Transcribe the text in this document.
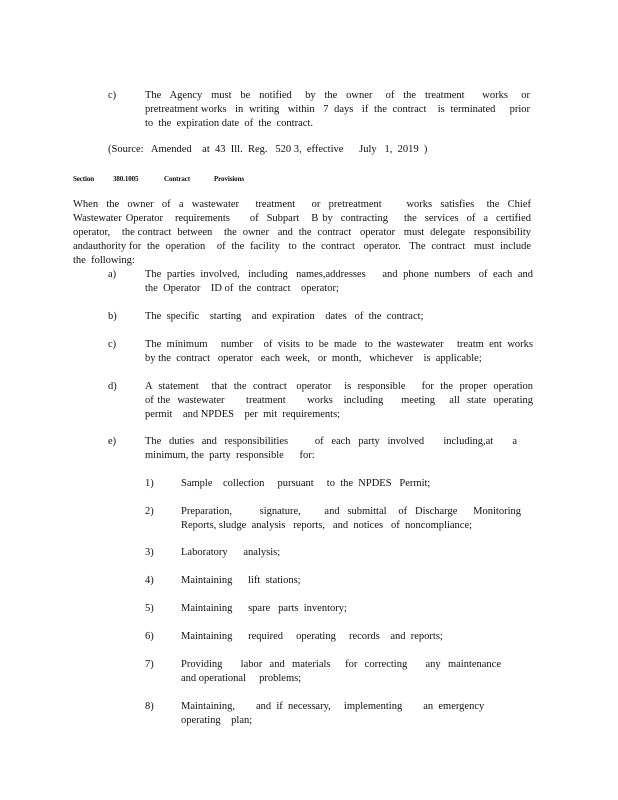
c)	The  Agency  must  be  notified   by  the  owner   of  the  treatment    works   or  pretreatment works   in  writing   within   7  days   if  the  contract    is  terminated     prior   to  the  expiration date  of  the  contract.
(Source:   Amended    at  43  Ill.  Reg.   520 3,  effective      July   1,  2019  )
Section	380.1005	Contract	Provisions
When  the  owner  of  a  wastewater    treatment    or  pretreatment      works  satisfies   the  Chief  Wastewater Operator   requirements     of  Subpart   B by  contracting    the  services  of  a  certified   operator,    the contract  between    the  owner   and  the  contract   operator   must  delegate   responsibility     andauthority for  the  operation    of  the  facility   to  the  contract   operator.   The  contract   must  include   the  following:
a)	The  parties  involved,   including   names,addresses      and  phone  numbers   of  each  and the  Operator    ID of  the  contract    operator;
b)	The  specific    starting    and  expiration    dates   of  the  contract;
c)	The  minimum     number    of  visits  to  be  made   to  the  wastewater     treatm  ent  works  by the  contract   operator   each  week,   or  month,   whichever    is  applicable;
d)	A  statement    that  the  contract   operator    is  responsible     for  the  proper  operation     of the  wastewater      treatment      works   including     meeting    all  state  operating   permit    and NPDES    per  mit  requirements;
e)	The  duties  and  responsibilities       of  each  party  involved     including,at     a  minimum, the  party  responsible      for:
1)	Sample    collection     pursuant     to  the  NPDES   Permit;
2)	Preparation,       signature,      and  submittal   of  Discharge    Monitoring     Reports, sludge  analysis   reports,   and  notices   of  noncompliance;
3)	Laboratory      analysis;
4)	Maintaining      lift  stations;
5)	Maintaining      spare   parts  inventory;
6)	Maintaining      required     operating     records    and  reports;
7)	Providing     labor  and  materials    for  correcting     any  maintenance       and operational     problems;
8)	Maintaining,        and  if  necessary,     implementing        an  emergency       operating    plan;
